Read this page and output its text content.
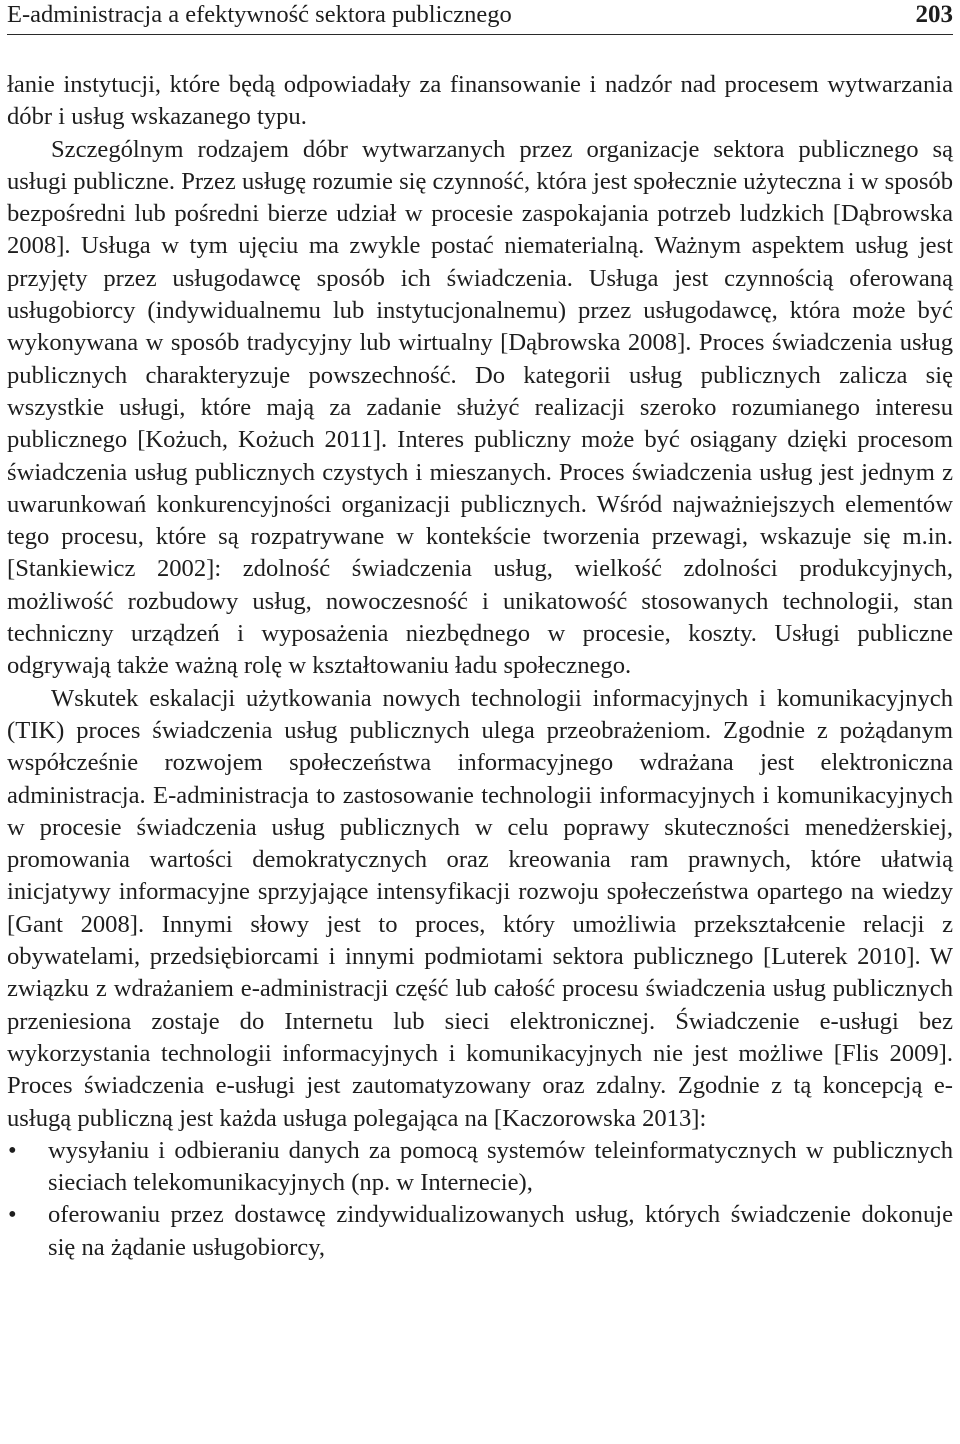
E-administracja a efektywność sektora publicznego	203

łanie instytucji, które będą odpowiadały za finansowanie i nadzór nad procesem wytwarzania dóbr i usług wskazanego typu.

Szczególnym rodzajem dóbr wytwarzanych przez organizacje sektora publicznego są usługi publiczne. Przez usługę rozumie się czynność, która jest społecznie użyteczna i w sposób bezpośredni lub pośredni bierze udział w procesie zaspokajania potrzeb ludzkich [Dąbrowska 2008]. Usługa w tym ujęciu ma zwykle postać niematerialną. Ważnym aspektem usług jest przyjęty przez usługodawcę sposób ich świadczenia. Usługa jest czynnością oferowaną usługobiorcy (indywidualnemu lub instytucjonalnemu) przez usługodawcę, która może być wykonywana w sposób tradycyjny lub wirtualny [Dąbrowska 2008]. Proces świadczenia usług publicznych charakteryzuje powszechność. Do kategorii usług publicznych zalicza się wszystkie usługi, które mają za zadanie służyć realizacji szeroko rozumianego interesu publicznego [Kożuch, Kożuch 2011]. Interes publiczny może być osiągany dzięki procesom świadczenia usług publicznych czystych i mieszanych. Proces świadczenia usług jest jednym z uwarunkowań konkurencyjności organizacji publicznych. Wśród najważniejszych elementów tego procesu, które są rozpatrywane w kontekście tworzenia przewagi, wskazuje się m.in. [Stankiewicz 2002]: zdolność świadczenia usług, wielkość zdolności produkcyjnych, możliwość rozbudowy usług, nowoczesność i unikatowość stosowanych technologii, stan techniczny urządzeń i wyposażenia niezbędnego w procesie, koszty. Usługi publiczne odgrywają także ważną rolę w kształtowaniu ładu społecznego.

Wskutek eskalacji użytkowania nowych technologii informacyjnych i komunikacyjnych (TIK) proces świadczenia usług publicznych ulega przeobrażeniom. Zgodnie z pożądanym współcześnie rozwojem społeczeństwa informacyjnego wdrażana jest elektroniczna administracja. E-administracja to zastosowanie technologii informacyjnych i komunikacyjnych w procesie świadczenia usług publicznych w celu poprawy skuteczności menedżerskiej, promowania wartości demokratycznych oraz kreowania ram prawnych, które ułatwią inicjatywy informacyjne sprzyjające intensyfikacji rozwoju społeczeństwa opartego na wiedzy [Gant 2008]. Innymi słowy jest to proces, który umożliwia przekształcenie relacji z obywatelami, przedsiębiorcami i innymi podmiotami sektora publicznego [Luterek 2010]. W związku z wdrażaniem e-administracji część lub całość procesu świadczenia usług publicznych przeniesiona zostaje do Internetu lub sieci elektronicznej. Świadczenie e-usługi bez wykorzystania technologii informacyjnych i komunikacyjnych nie jest możliwe [Flis 2009]. Proces świadczenia e-usługi jest zautomatyzowany oraz zdalny. Zgodnie z tą koncepcją e-usługą publiczną jest każda usługa polegająca na [Kaczorowska 2013]:

• wysyłaniu i odbieraniu danych za pomocą systemów teleinformatycznych w publicznych sieciach telekomunikacyjnych (np. w Internecie),
• oferowaniu przez dostawcę zindywidualizowanych usług, których świadczenie dokonuje się na żądanie usługobiorcy,
